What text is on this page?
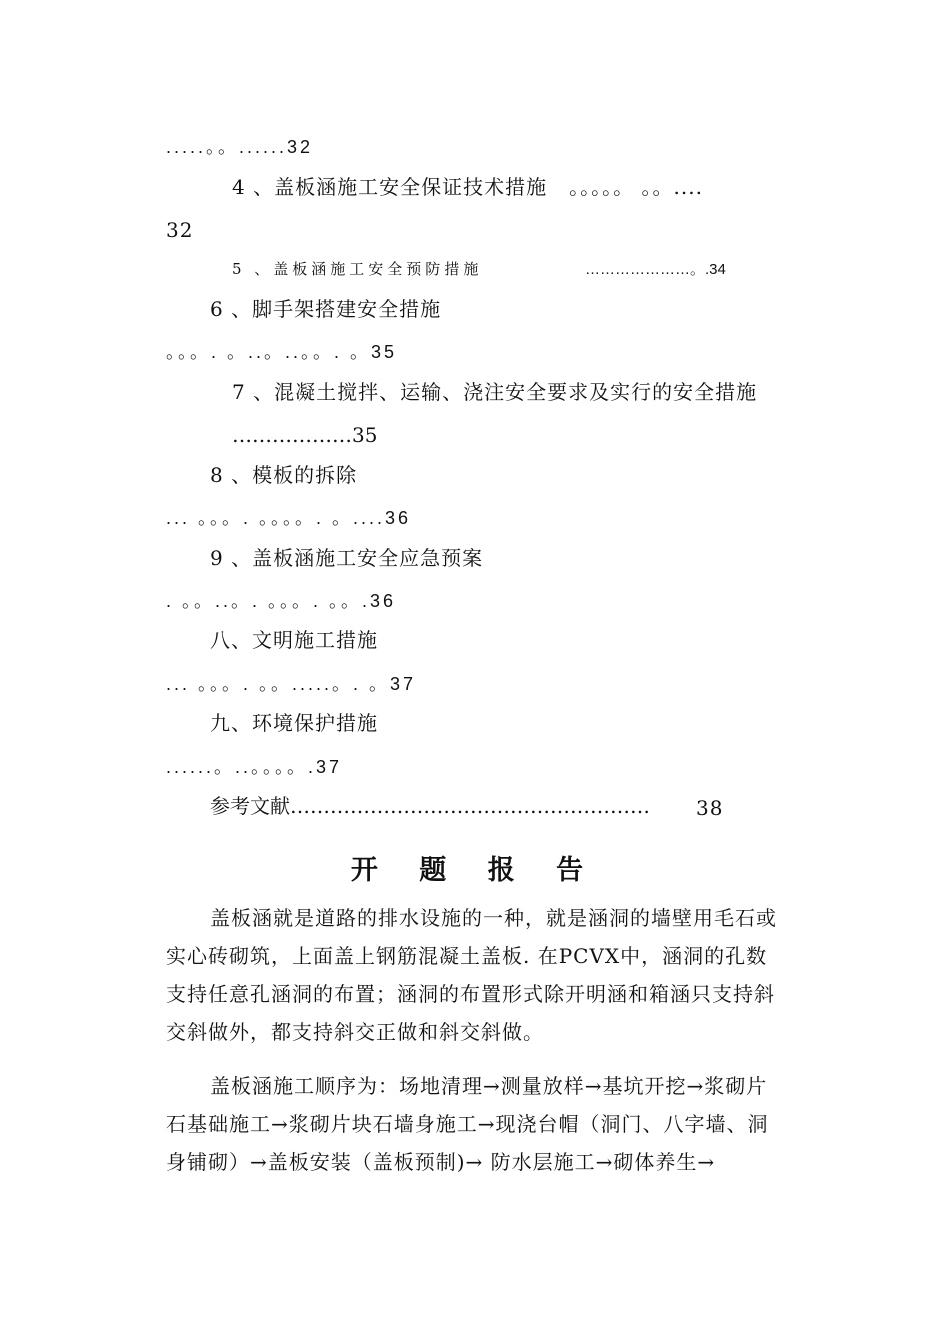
.....。。......32
4 、盖板涵施工安全保证技术措施   。。。。。 。。....
32
5 、盖板涵施工安全预防措施	…………………。.34
6 、脚手架搭建安全措施
。。。. 。..。..。。. 。35
7 、混凝土搅拌、运输、浇注安全要求及实行的安全措施
………………35
8 、模板的拆除
... 。。。. 。。。。. 。....36
9 、盖板涵施工安全应急预案
. 。。..。. 。。。. 。。.36
八、文明施工措施
... 。。。. 。。.....。. 。37
九、环境保护措施
......。..。。。。.37
参考文献……………………………………………… 38
开 题 报 告
盖板涵就是道路的排水设施的一种，就是涵洞的墙壁用毛石或实心砖砌筑，上面盖上钢筋混凝土盖板. 在PCVX中，涵洞的孔数支持任意孔涵洞的布置；涵洞的布置形式除开明涵和箱涵只支持斜交斜做外，都支持斜交正做和斜交斜做。
盖板涵施工顺序为：场地清理→测量放样→基坑开挖→浆砌片石基础施工→浆砌片块石墙身施工→现浇台帽（洞门、八字墙、洞身铺砌）→盖板安装（盖板预制)→ 防水层施工→砌体养生→
